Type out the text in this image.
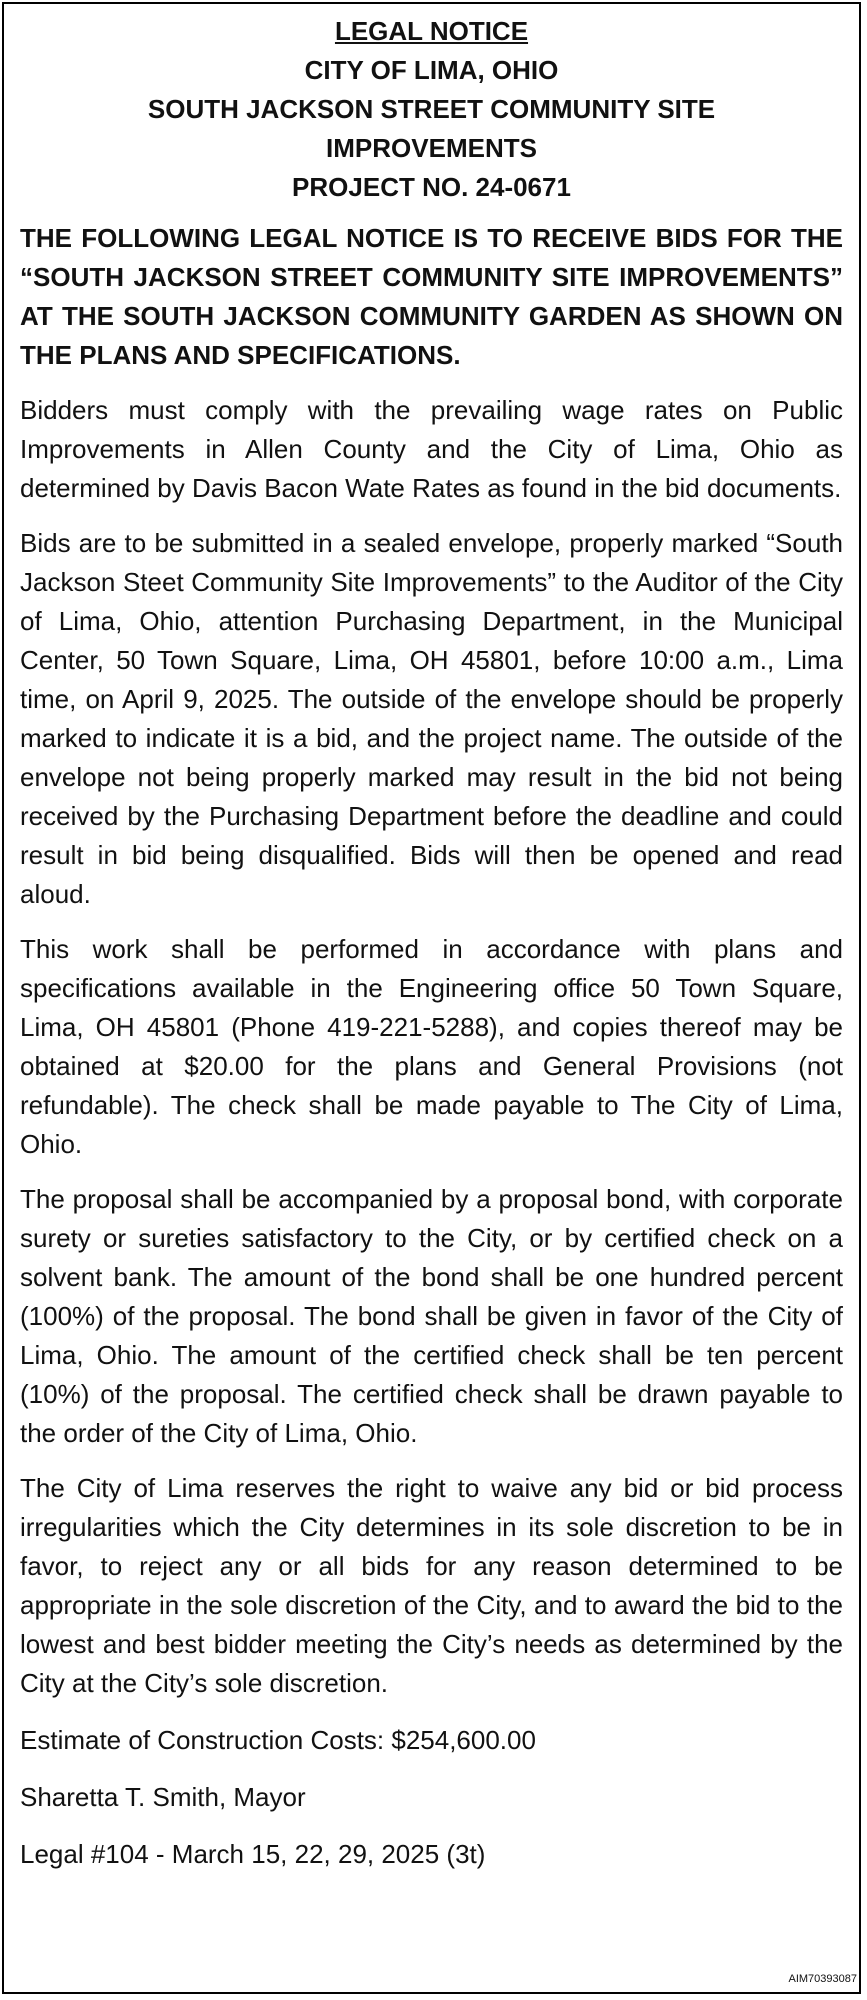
LEGAL NOTICE
CITY OF LIMA, OHIO
SOUTH JACKSON STREET COMMUNITY SITE
IMPROVEMENTS
PROJECT NO. 24-0671
THE FOLLOWING LEGAL NOTICE IS TO RECEIVE BIDS FOR THE “SOUTH JACKSON STREET COMMUNITY SITE IMPROVEMENTS” AT THE SOUTH JACKSON COMMUNITY GARDEN AS SHOWN ON THE PLANS AND SPECIFICATIONS.
Bidders must comply with the prevailing wage rates on Public Improvements in Allen County and the City of Lima, Ohio as determined by Davis Bacon Wate Rates as found in the bid documents.
Bids are to be submitted in a sealed envelope, properly marked “South Jackson Steet Community Site Improvements” to the Auditor of the City of Lima, Ohio, attention Purchasing Department, in the Municipal Center, 50 Town Square, Lima, OH 45801, before 10:00 a.m., Lima time, on April 9, 2025. The outside of the envelope should be properly marked to indicate it is a bid, and the project name. The outside of the envelope not being properly marked may result in the bid not being received by the Purchasing Department before the deadline and could result in bid being disqualified. Bids will then be opened and read aloud.
This work shall be performed in accordance with plans and specifications available in the Engineering office 50 Town Square, Lima, OH 45801 (Phone 419-221-5288), and copies thereof may be obtained at $20.00 for the plans and General Provisions (not refundable). The check shall be made payable to The City of Lima, Ohio.
The proposal shall be accompanied by a proposal bond, with corporate surety or sureties satisfactory to the City, or by certified check on a solvent bank. The amount of the bond shall be one hundred percent (100%) of the proposal. The bond shall be given in favor of the City of Lima, Ohio. The amount of the certified check shall be ten percent (10%) of the proposal. The certified check shall be drawn payable to the order of the City of Lima, Ohio.
The City of Lima reserves the right to waive any bid or bid process irregularities which the City determines in its sole discretion to be in favor, to reject any or all bids for any reason determined to be appropriate in the sole discretion of the City, and to award the bid to the lowest and best bidder meeting the City’s needs as determined by the City at the City’s sole discretion.
Estimate of Construction Costs: $254,600.00
Sharetta T. Smith, Mayor
Legal #104 - March 15, 22, 29, 2025 (3t)
AIM70393087
